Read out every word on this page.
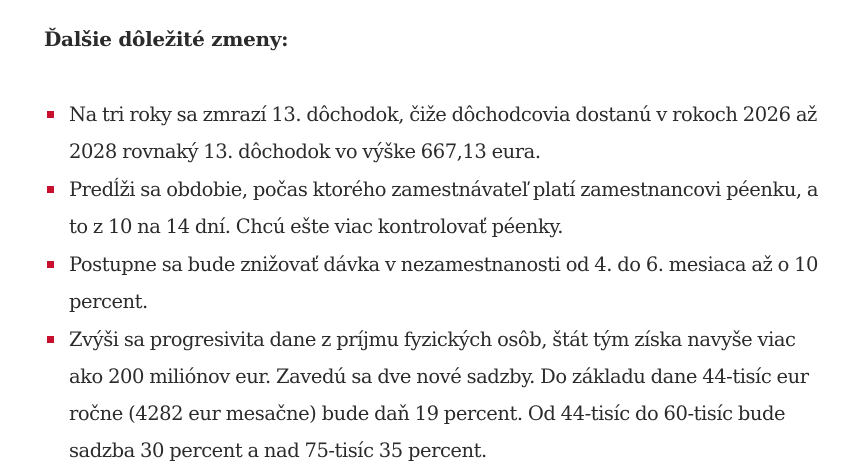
Ďalšie dôležité zmeny:
Na tri roky sa zmrazí 13. dôchodok, čiže dôchodcovia dostanú v rokoch 2026 až 2028 rovnaký 13. dôchodok vo výške 667,13 eura.
Predĺži sa obdobie, počas ktorého zamestnávateľ platí zamestnancovi péenku, a to z 10 na 14 dní. Chcú ešte viac kontrolovať péenky.
Postupne sa bude znižovať dávka v nezamestnanosti od 4. do 6. mesiaca až o 10 percent.
Zvýši sa progresivita dane z príjmu fyzických osôb, štát tým získa navyše viac ako 200 miliónov eur. Zavedú sa dve nové sadzby. Do základu dane 44-tisíc eur ročne (4282 eur mesačne) bude daň 19 percent. Od 44-tisíc do 60-tisíc bude sadzba 30 percent a nad 75-tisíc 35 percent.
